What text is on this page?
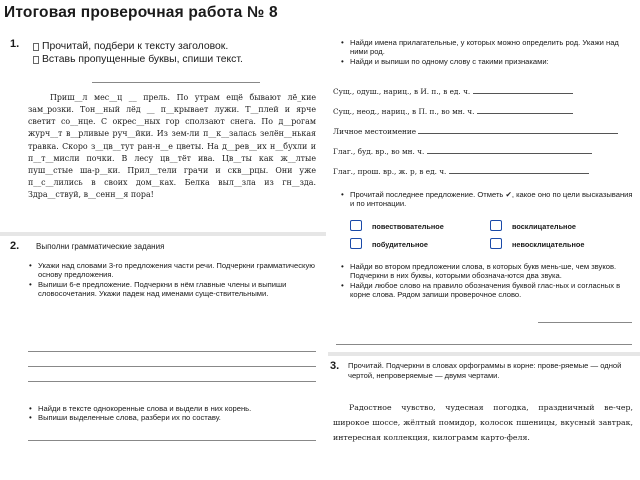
Итоговая проверочная работа № 8
1.	Прочитай, подбери к тексту заголовок.
Вставь пропущенные буквы, спиши текст.

Приш__л мес__ц __ прель. По утрам ещё бывают лё_кие зам_розки. Тон__ный лёд __ п__крывает лужи. Т__плей и ярче светит со__нце. С окрес__ных гор сползают снега. По д__рогам журч__т в__рливые руч__йки. Из зем-ли п__к__залась зелён__нькая травка. Скоро з__цв__тут ран-н__е цветы. На д__рев__их н__бухли и п__т__мисли почки. В лесу цв__тёт ива. Цв__ты как ж__лтые пуш__стые ша-р__ки. Прил__тели грачи и скв__рцы. Они уже п__с__лились в своих дом__ках. Белка выл__зла из гн__зда. Здра__ствуй, в__сенн__я пора!

2. Выполни грамматические задания
• Укажи над словами 3-го предложения части речи. Подчеркни грамматическую основу предложения.
• Выпиши 6-е предложение. Подчеркни в нём главные члены и выпиши словосочетания. Укажи падеж над именами суще-ствительными.
• Найди в тексте однокоренные слова и выдели в них корень.
• Выпиши выделенные слова, разбери их по составу.
• Найди имена прилагательные, у которых можно определить род. Укажи над ними род.
• Найди и выпиши по одному слову с такими признаками:
Сущ., одуш., нариц., в И. п., в ед. ч.
Сущ., неод., нариц., в П. п., во мн. ч.
Личное местоимение
Глаг., буд. вр., во мн. ч.
Глаг., прош. вр., ж. р, в ед. ч.
• Прочитай последнее предложение. Отметь ✔, какое оно по цели высказывания и по интонации.
повествовательное	восклицательное
побудительное	невосклицательное
• Найди во втором предложении слова, в которых букв мень-ше, чем звуков. Подчеркни в них буквы, которыми обознача-ются два звука.
• Найди любое слово на правило обозначения буквой глас-ных и согласных в корне слова. Рядом запиши проверочное слово.
3. Прочитай. Подчеркни в словах орфограммы в корне: прове-ряемые — одной чертой, непроверяемые — двумя чертами.

Радостное чувство, чудесная погодка, праздничный ве-чер, широкое шоссе, жёлтый помидор, колосок пшеницы, вкусный завтрак, интересная коллекция, килограмм карто-феля.
